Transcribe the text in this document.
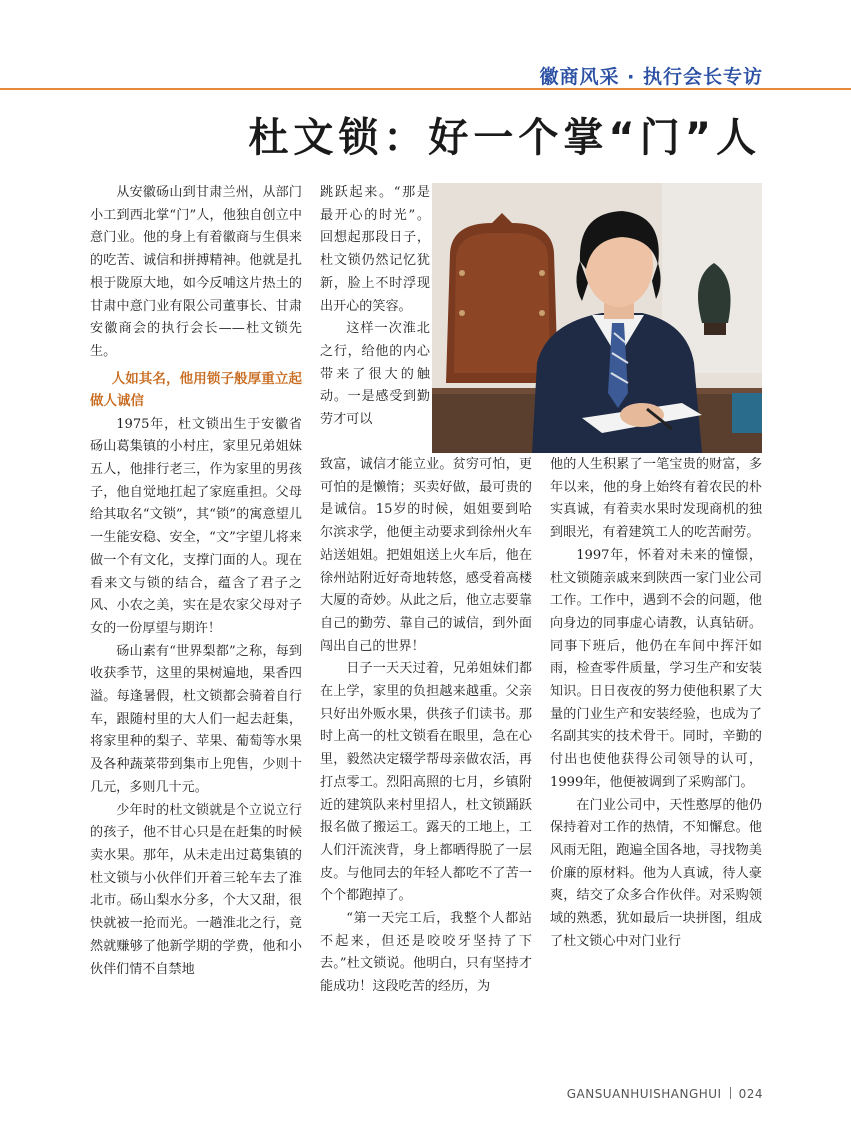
徽商风采 · 执行会长专访
杜文锁：好一个掌“门”人

从安徽砀山到甘肃兰州，从部门小工到西北掌“门”人，他独自创立中意门业。他的身上有着徽商与生俱来的吃苦、诚信和拼搏精神。他就是扎根于陇原大地，如今反哺这片热土的甘肃中意门业有限公司董事长、甘肃安徽商会的执行会长——杜文锁先生。

人如其名，他用锁子般厚重立起做人诚信

1975年，杜文锁出生于安徽省砀山葛集镇的小村庄，家里兄弟姐妹五人，他排行老三，作为家里的男孩子，他自觉地扛起了家庭重担。父母给其取名“文锁”，其“锁”的寓意望儿一生能安稳、安全，“文”字望儿将来做一个有文化，支撑门面的人。现在看来文与锁的结合，蕴含了君子之风、小农之美，实在是农家父母对子女的一份厚望与期许！

砀山素有“世界梨都”之称，每到收获季节，这里的果树遍地，果香四溢。每逢暑假，杜文锁都会骑着自行车，跟随村里的大人们一起去赶集，将家里种的梨子、苹果、葡萄等水果及各种蔬菜带到集市上兜售，少则十几元，多则几十元。

少年时的杜文锁就是个立说立行的孩子，他不甘心只是在赶集的时候卖水果。那年，从未走出过葛集镇的杜文锁与小伙伴们开着三轮车去了淮北市。砀山梨水分多，个大又甜，很快就被一抢而光。一趟淮北之行，竟然就赚够了他新学期的学费，他和小伙伴们情不自禁地

跳跃起来。“那是最开心的时光”。回想起那段日子，杜文锁仍然记忆犹新，脸上不时浮现出开心的笑容。

这样一次淮北之行，给他的内心带来了很大的触动。一是感受到勤劳才可以

致富，诚信才能立业。贫穷可怕，更可怕的是懒惰；买卖好做，最可贵的是诚信。15岁的时候，姐姐要到哈尔滨求学，他便主动要求到徐州火车站送姐姐。把姐姐送上火车后，他在徐州站附近好奇地转悠，感受着高楼大厦的奇妙。从此之后，他立志要靠自己的勤劳、靠自己的诚信，到外面闯出自己的世界！

日子一天天过着，兄弟姐妹们都在上学，家里的负担越来越重。父亲只好出外贩水果，供孩子们读书。那时上高一的杜文锁看在眼里，急在心里，毅然决定辍学帮母亲做农活，再打点零工。烈阳高照的七月，乡镇附近的建筑队来村里招人，杜文锁踊跃报名做了搬运工。露天的工地上，工人们汗流浃背，身上都晒得脱了一层皮。与他同去的年轻人都吃不了苦一个个都跑掉了。

“第一天完工后，我整个人都站不起来，但还是咬咬牙坚持了下去。”杜文锁说。他明白，只有坚持才能成功！这段吃苦的经历，为

他的人生积累了一笔宝贵的财富，多年以来，他的身上始终有着农民的朴实真诚，有着卖水果时发现商机的独到眼光，有着建筑工人的吃苦耐劳。

1997年，怀着对未来的憧憬，杜文锁随亲戚来到陕西一家门业公司工作。工作中，遇到不会的问题，他向身边的同事虚心请教，认真钻研。同事下班后，他仍在车间中挥汗如雨，检查零件质量，学习生产和安装知识。日日夜夜的努力使他积累了大量的门业生产和安装经验，也成为了名副其实的技术骨干。同时，辛勤的付出也使他获得公司领导的认可，1999年，他便被调到了采购部门。

在门业公司中，天性憨厚的他仍保持着对工作的热情，不知懈怠。他风雨无阻，跑遍全国各地，寻找物美价廉的原材料。他为人真诚，待人豪爽，结交了众多合作伙伴。对采购领域的熟悉，犹如最后一块拼图，组成了杜文锁心中对门业行

GANSUANHUISHANGHUI 024
